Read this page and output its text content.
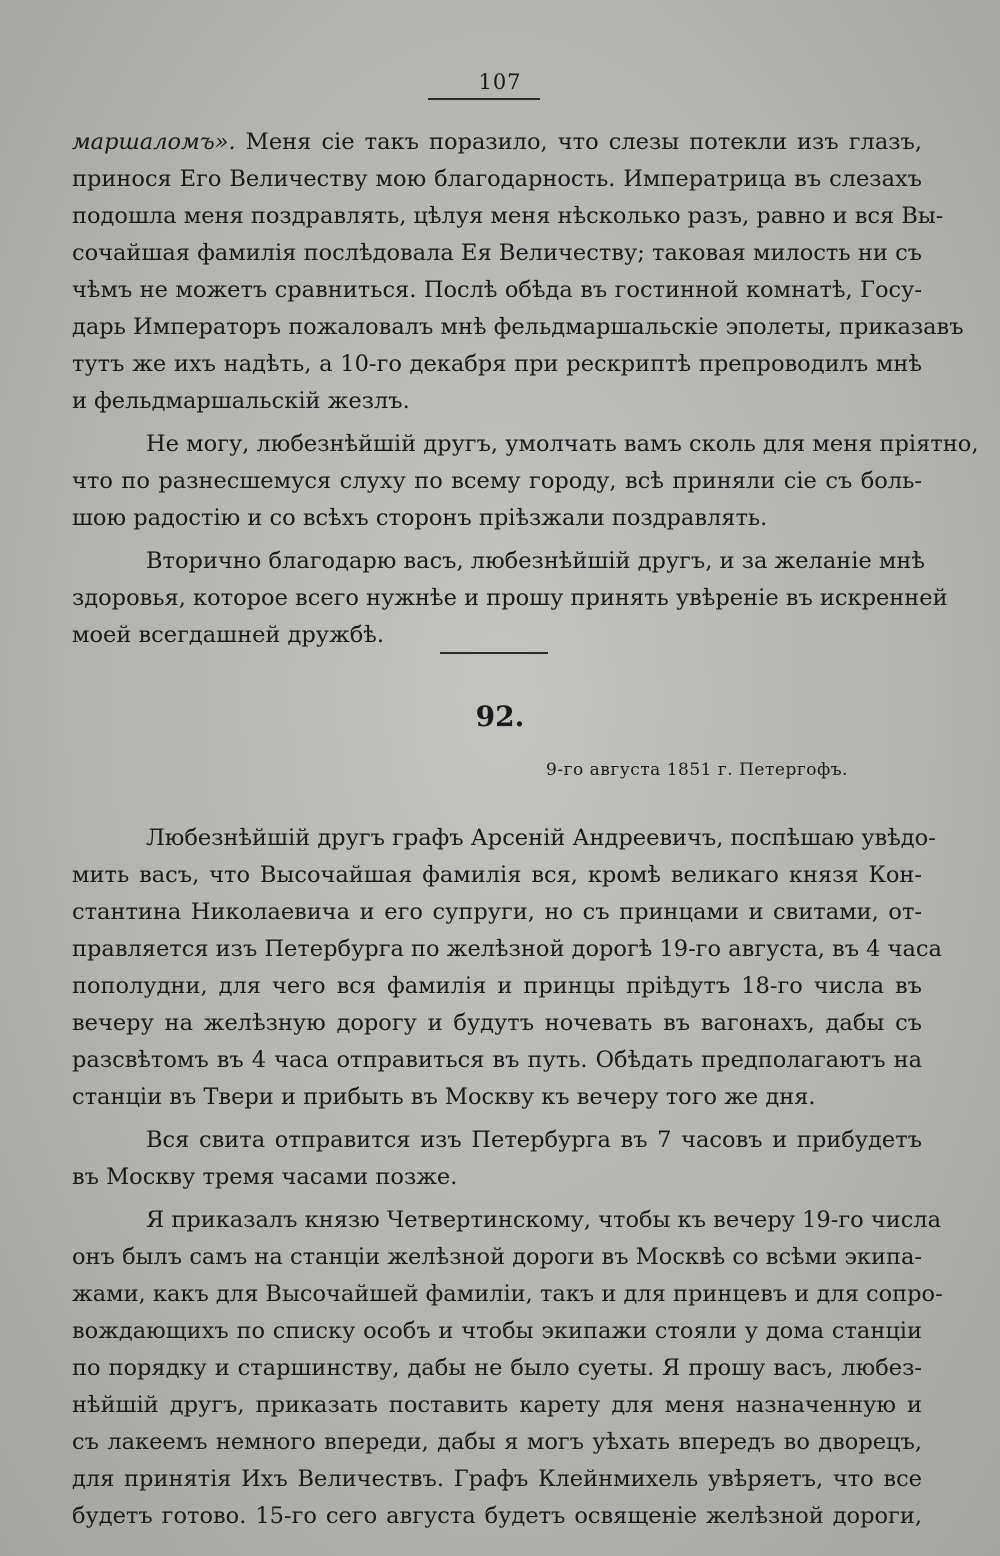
107
маршаломъ». Меня сіе такъ поразило, что слезы потекли изъ глазъ,
принося Его Величеству мою благодарность. Императрица въ слезахъ
подошла меня поздравлять, цѣлуя меня нѣсколько разъ, равно и вся Вы-
сочайшая фамилія послѣдовала Ея Величеству; таковая милость ни съ
чѣмъ не можетъ сравниться. Послѣ обѣда въ гостинной комнатѣ, Госу-
дарь Императоръ пожаловалъ мнѣ фельдмаршальскіе эполеты, приказавъ
тутъ же ихъ надѣть, а 10-го декабря при рескриптѣ препроводилъ мнѣ
и фельдмаршальскій жезлъ.
Не могу, любезнѣйшій другъ, умолчать вамъ сколь для меня пріятно,
что по разнесшемуся слуху по всему городу, всѣ приняли сіе съ боль-
шою радостію и со всѣхъ сторонъ пріѣзжали поздравлять.
Вторично благодарю васъ, любезнѣйшій другъ, и за желаніе мнѣ
здоровья, которое всего нужнѣе и прошу принять увѣреніе въ искренней
моей всегдашней дружбѣ.
92.
9-го августа 1851 г. Петергофъ.
Любезнѣйшій другъ графъ Арсеній Андреевичъ, поспѣшаю увѣдо-
мить васъ, что Высочайшая фамилія вся, кромѣ великаго князя Кон-
стантина Николаевича и его супруги, но съ принцами и свитами, от-
правляется изъ Петербурга по желѣзной дорогѣ 19-го августа, въ 4 часа
пополудни, для чего вся фамилія и принцы пріѣдутъ 18-го числа въ
вечеру на желѣзную дорогу и будутъ ночевать въ вагонахъ, дабы съ
разсвѣтомъ въ 4 часа отправиться въ путь. Обѣдать предполагаютъ на
станціи въ Твери и прибыть въ Москву къ вечеру того же дня.
Вся свита отправится изъ Петербурга въ 7 часовъ и прибудетъ
въ Москву тремя часами позже.
Я приказалъ князю Четвертинскому, чтобы къ вечеру 19-го числа
онъ былъ самъ на станціи желѣзной дороги въ Москвѣ со всѣми экипа-
жами, какъ для Высочайшей фамиліи, такъ и для принцевъ и для сопро-
вождающихъ по списку особъ и чтобы экипажи стояли у дома станціи
по порядку и старшинству, дабы не было суеты. Я прошу васъ, любез-
нѣйшій другъ, приказать поставить карету для меня назначенную и
съ лакеемъ немного впереди, дабы я могъ уѣхать впередъ во дворецъ,
для принятія Ихъ Величествъ. Графъ Клейнмихель увѣряетъ, что все
будетъ готово. 15-го сего августа будетъ освященіе желѣзной дороги,
